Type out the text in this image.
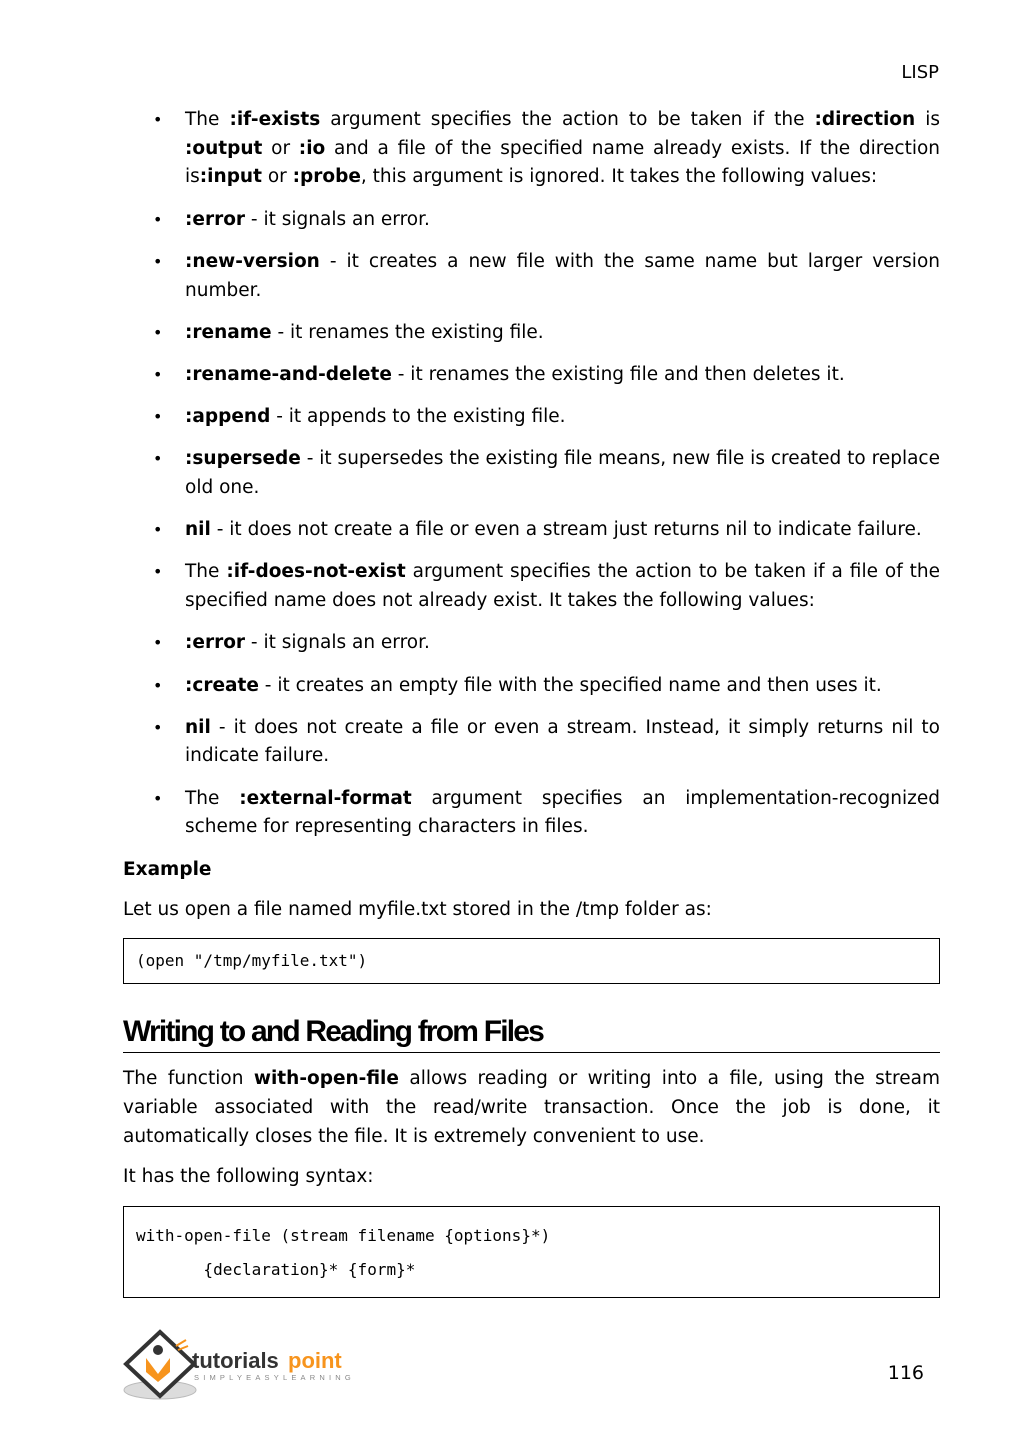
LISP
• The :if-exists argument specifies the action to be taken if the :direction is :output or :io and a file of the specified name already exists. If the direction is:input or :probe, this argument is ignored. It takes the following values:
• :error - it signals an error.
• :new-version - it creates a new file with the same name but larger version number.
• :rename - it renames the existing file.
• :rename-and-delete - it renames the existing file and then deletes it.
• :append - it appends to the existing file.
• :supersede - it supersedes the existing file means, new file is created to replace old one.
• nil - it does not create a file or even a stream just returns nil to indicate failure.
• The :if-does-not-exist argument specifies the action to be taken if a file of the specified name does not already exist. It takes the following values:
• :error - it signals an error.
• :create - it creates an empty file with the specified name and then uses it.
• nil - it does not create a file or even a stream. Instead, it simply returns nil to indicate failure.
• The :external-format argument specifies an implementation-recognized scheme for representing characters in files.
Example

Let us open a file named myfile.txt stored in the /tmp folder as:

(open "/tmp/myfile.txt")
Writing to and Reading from Files

The function with-open-file allows reading or writing into a file, using the stream variable associated with the read/write transaction. Once the job is done, it automatically closes the file. It is extremely convenient to use.

It has the following syntax:

with-open-file (stream filename {options}*)
{declaration}* {form}*
tutorials point
SIMPLYEASYLEARNING	116
